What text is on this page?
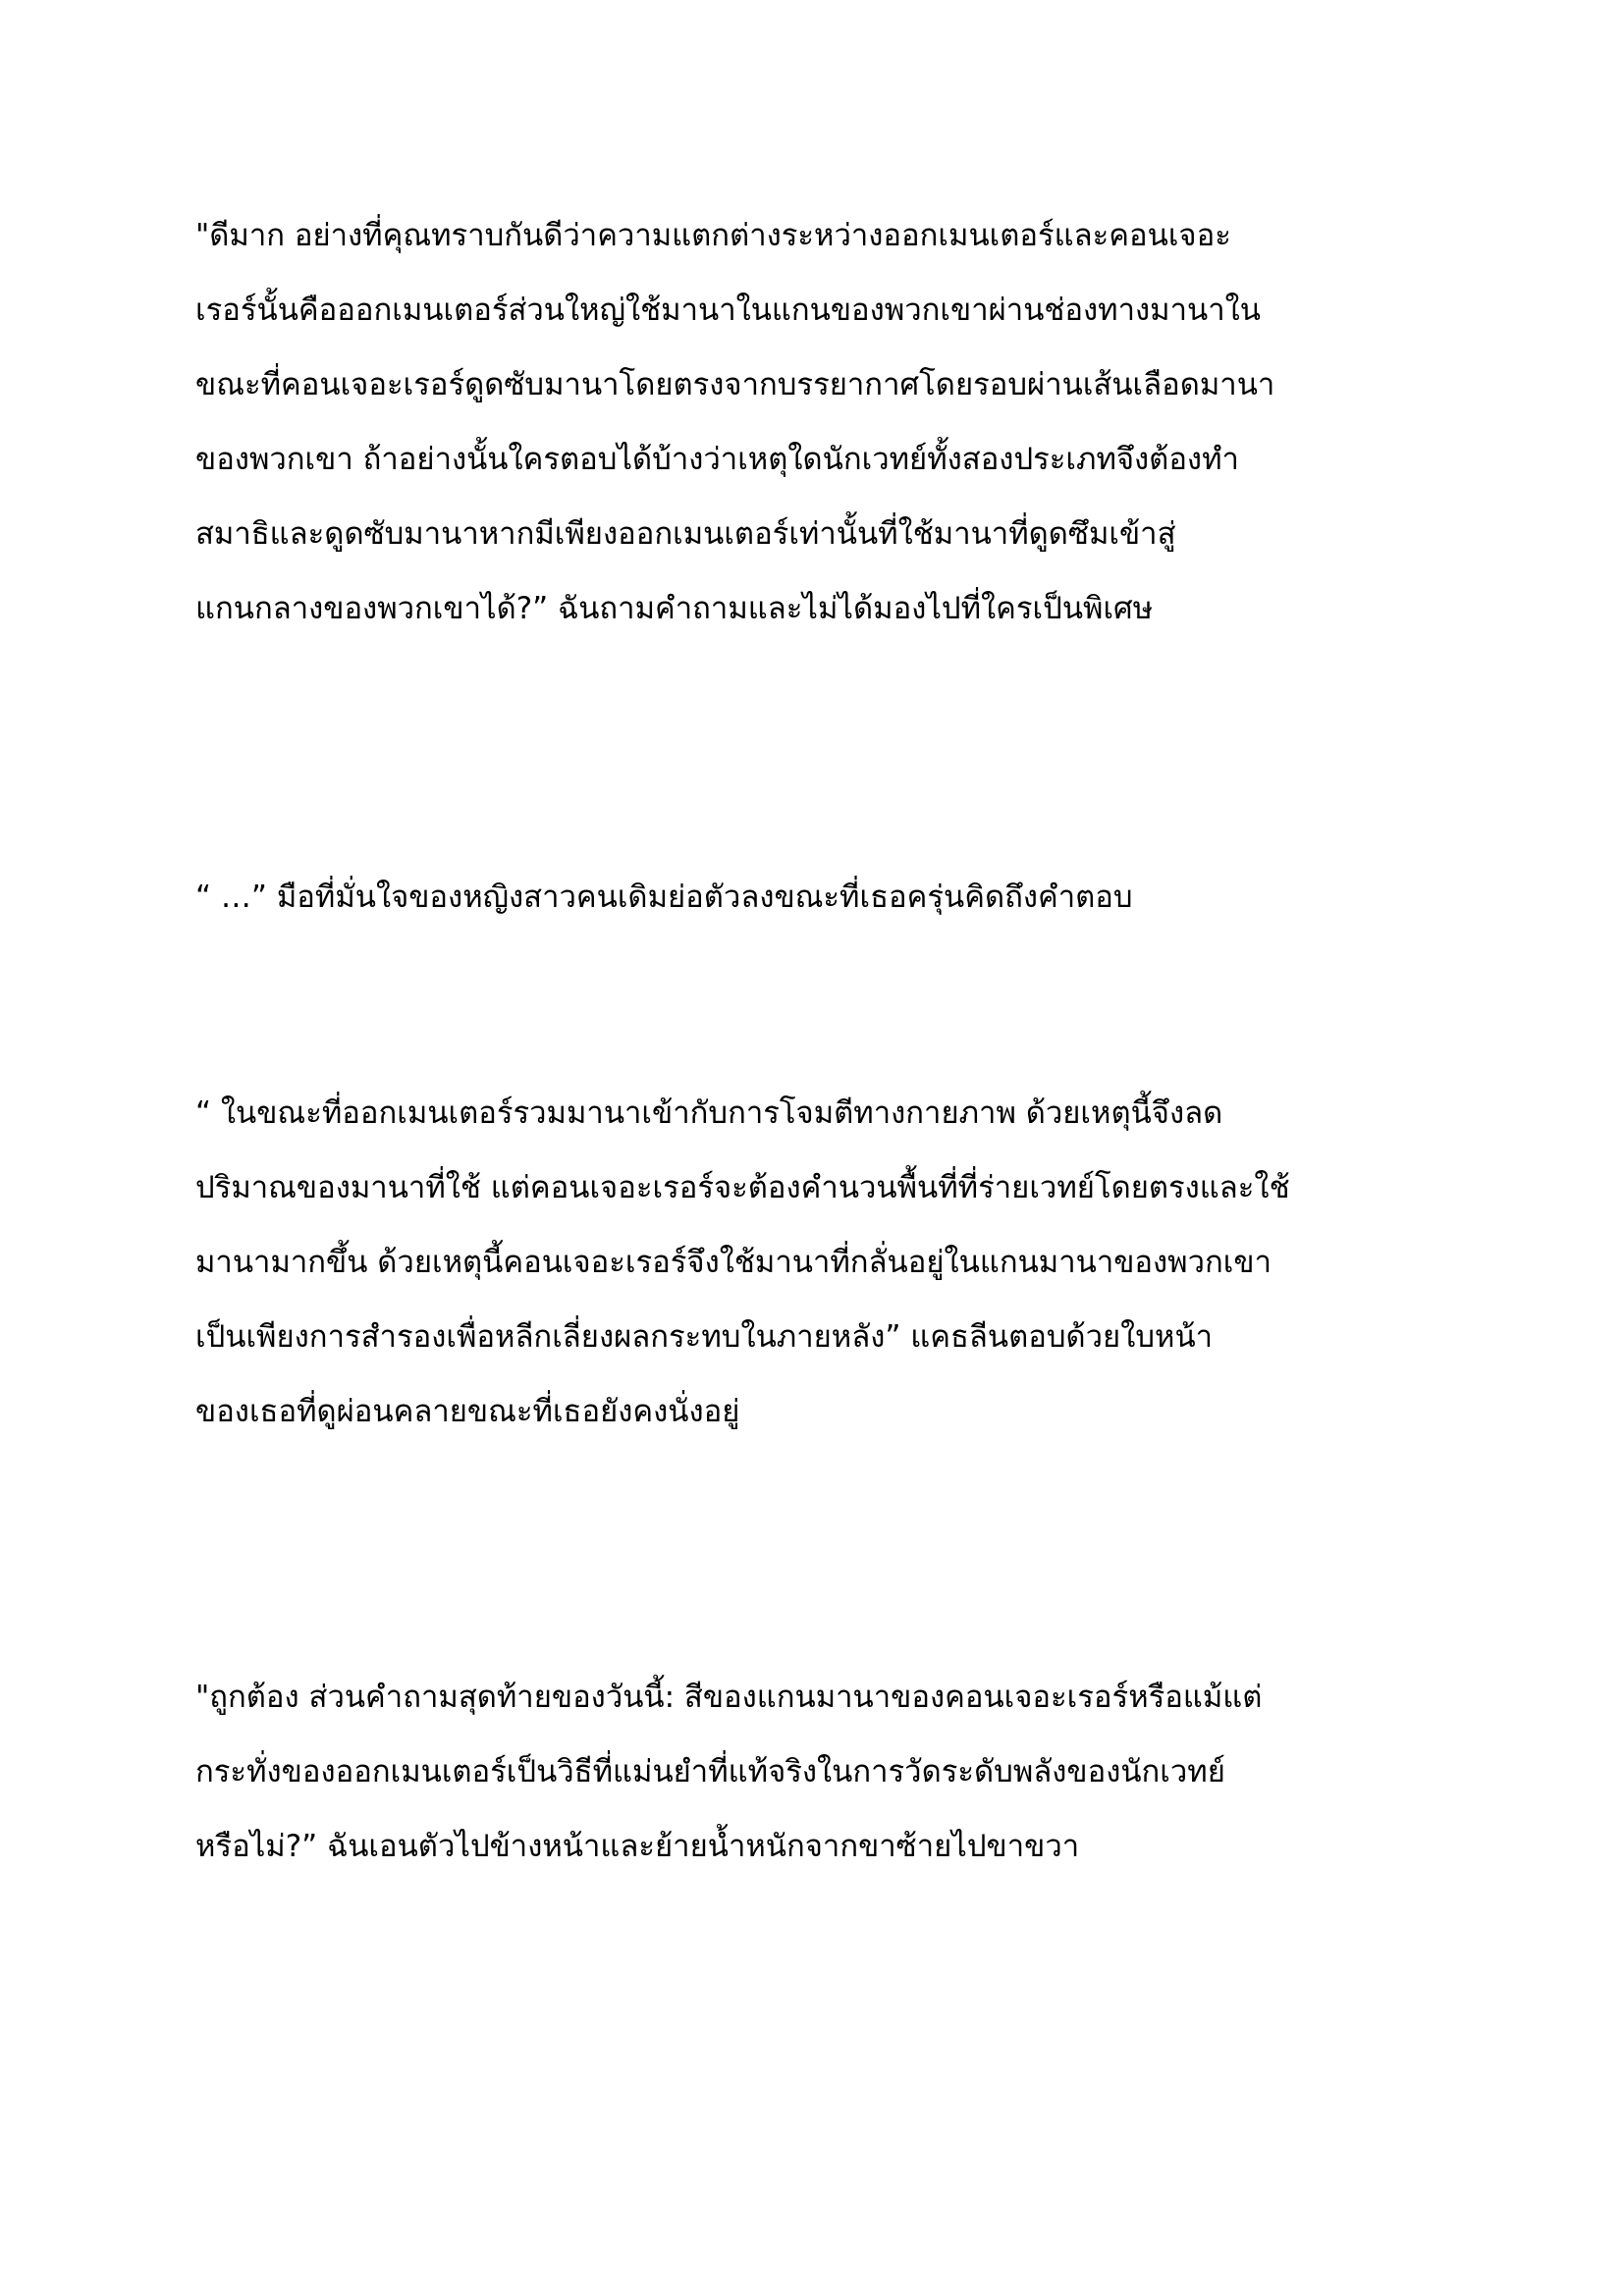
"ดีมาก อย่างที่คุณทราบกันดีว่าความแตกต่างระหว่างออกเมนเตอร์และคอนเจอะ
เรอร์นั้นคือออกเมนเตอร์ส่วนใหญ่ใช้มานาในแกนของพวกเขาผ่านช่องทางมานาใน
ขณะที่คอนเจอะเรอร์ดูดซับมานาโดยตรงจากบรรยากาศโดยรอบผ่านเส้นเลือดมานา
ของพวกเขา ถ้าอย่างนั้นใครตอบได้บ้างว่าเหตุใดนักเวทย์ทั้งสองประเภทจึงต้องทำ
สมาธิและดูดซับมานาหากมีเพียงออกเมนเตอร์เท่านั้นที่ใช้มานาที่ดูดซึมเข้าสู่
แกนกลางของพวกเขาได้?” ฉันถามคำถามและไม่ได้มองไปที่ใครเป็นพิเศษ
“ …” มือที่มั่นใจของหญิงสาวคนเดิมย่อตัวลงขณะที่เธอครุ่นคิดถึงคำตอบ
“ ในขณะที่ออกเมนเตอร์รวมมานาเข้ากับการโจมตีทางกายภาพ ด้วยเหตุนี้จึงลด
ปริมาณของมานาที่ใช้ แต่คอนเจอะเรอร์จะต้องคำนวนพื้นที่ที่ร่ายเวทย์โดยตรงและใช้
มานามากขึ้น ด้วยเหตุนี้คอนเจอะเรอร์จึงใช้มานาที่กลั่นอยู่ในแกนมานาของพวกเขา
เป็นเพียงการสำรองเพื่อหลีกเลี่ยงผลกระทบในภายหลัง” แคธลีนตอบด้วยใบหน้า
ของเธอที่ดูผ่อนคลายขณะที่เธอยังคงนั่งอยู่
"ถูกต้อง ส่วนคำถามสุดท้ายของวันนี้: สีของแกนมานาของคอนเจอะเรอร์หรือแม้แต่
กระทั่งของออกเมนเตอร์เป็นวิธีที่แม่นยำที่แท้จริงในการวัดระดับพลังของนักเวทย์
หรือไม่?” ฉันเอนตัวไปข้างหน้าและย้ายน้ำหนักจากขาซ้ายไปขาขวา
